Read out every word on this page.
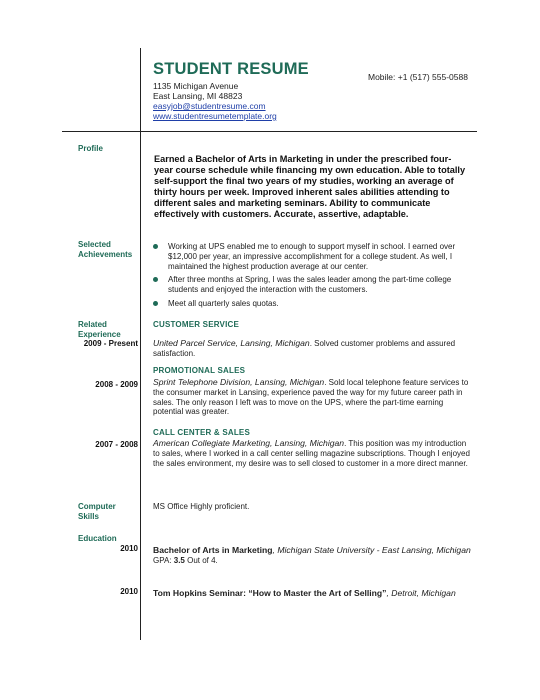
STUDENT RESUME
1135 Michigan Avenue
East Lansing, MI 48823
easyjob@studentresume.com
www.studentresumetemplate.org
Mobile: +1 (517) 555-0588
Profile
Earned a Bachelor of Arts in Marketing in under the prescribed four-year course schedule while financing my own education. Able to totally self-support the final two years of my studies, working an average of thirty hours per week. Improved inherent sales abilities attending to different sales and marketing seminars. Ability to communicate effectively with customers. Accurate, assertive, adaptable.
Selected
Achievements
Working at UPS enabled me to enough to support myself in school. I earned over $12,000 per year, an impressive accomplishment for a college student. As well, I maintained the highest production average at our center.
After three months at Spring, I was the sales leader among the part-time college students and enjoyed the interaction with the customers.
Meet all quarterly sales quotas.
Related
Experience
2009 - Present
CUSTOMER SERVICE
United Parcel Service, Lansing, Michigan. Solved customer problems and assured satisfaction.
2008 - 2009
PROMOTIONAL SALES
Sprint Telephone Division, Lansing, Michigan. Sold local telephone feature services to the consumer market in Lansing, experience paved the way for my future career path in sales. The only reason I left was to move on the UPS, where the part-time earning potential was greater.
2007 - 2008
CALL CENTER & SALES
American Collegiate Marketing, Lansing, Michigan. This position was my introduction to sales, where I worked in a call center selling magazine subscriptions. Though I enjoyed the sales environment, my desire was to sell closed to customer in a more direct manner.
Computer
Skills
MS Office Highly proficient.
Education
2010 Bachelor of Arts in Marketing, Michigan State University - East Lansing, Michigan
GPA: 3.5 Out of 4.
2010 Tom Hopkins Seminar: “How to Master the Art of Selling”, Detroit, Michigan
